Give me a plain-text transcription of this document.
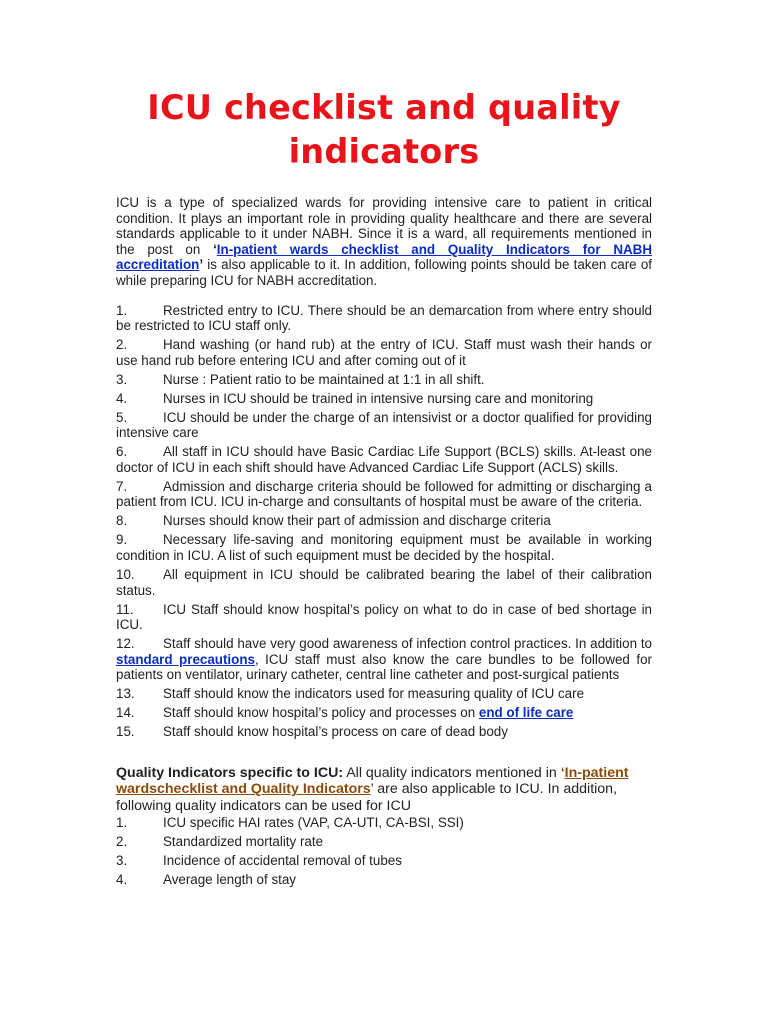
ICU checklist and quality indicators

ICU is a type of specialized wards for providing intensive care to patient in critical condition. It plays an important role in providing quality healthcare and there are several standards applicable to it under NABH. Since it is a ward, all requirements mentioned in the post on ‘In-patient wards checklist and Quality Indicators for NABH accreditation’ is also applicable to it. In addition, following points should be taken care of while preparing ICU for NABH accreditation.

1.	Restricted entry to ICU. There should be an demarcation from where entry should be restricted to ICU staff only.
2.	Hand washing (or hand rub) at the entry of ICU. Staff must wash their hands or use hand rub before entering ICU and after coming out of it
3.	Nurse : Patient ratio to be maintained at 1:1 in all shift.
4.	Nurses in ICU should be trained in intensive nursing care and monitoring
5.	ICU should be under the charge of an intensivist or a doctor qualified for providing intensive care
6.	All staff in ICU should have Basic Cardiac Life Support (BCLS) skills. At-least one doctor of ICU in each shift should have Advanced Cardiac Life Support (ACLS) skills.
7.	Admission and discharge criteria should be followed for admitting or discharging a patient from ICU. ICU in-charge and consultants of hospital must be aware of the criteria.
8.	Nurses should know their part of admission and discharge criteria
9.	Necessary life-saving and monitoring equipment must be available in working condition in ICU. A list of such equipment must be decided by the hospital.
10. All equipment in ICU should be calibrated bearing the label of their calibration status.
11. ICU Staff should know hospital’s policy on what to do in case of bed shortage in ICU.
12. Staff should have very good awareness of infection control practices. In addition to standard precautions, ICU staff must also know the care bundles to be followed for patients on ventilator, urinary catheter, central line catheter and post-surgical patients
13. Staff should know the indicators used for measuring quality of ICU care
14. Staff should know hospital’s policy and processes on end of life care
15. Staff should know hospital’s process on care of dead body
Quality Indicators specific to ICU: All quality indicators mentioned in ‘In-patient wardschecklist and Quality Indicators’ are also applicable to ICU. In addition, following quality indicators can be used for ICU
1.	ICU specific HAI rates (VAP, CA-UTI, CA-BSI, SSI)
2.	Standardized mortality rate
3.	Incidence of accidental removal of tubes
4.	Average length of stay
